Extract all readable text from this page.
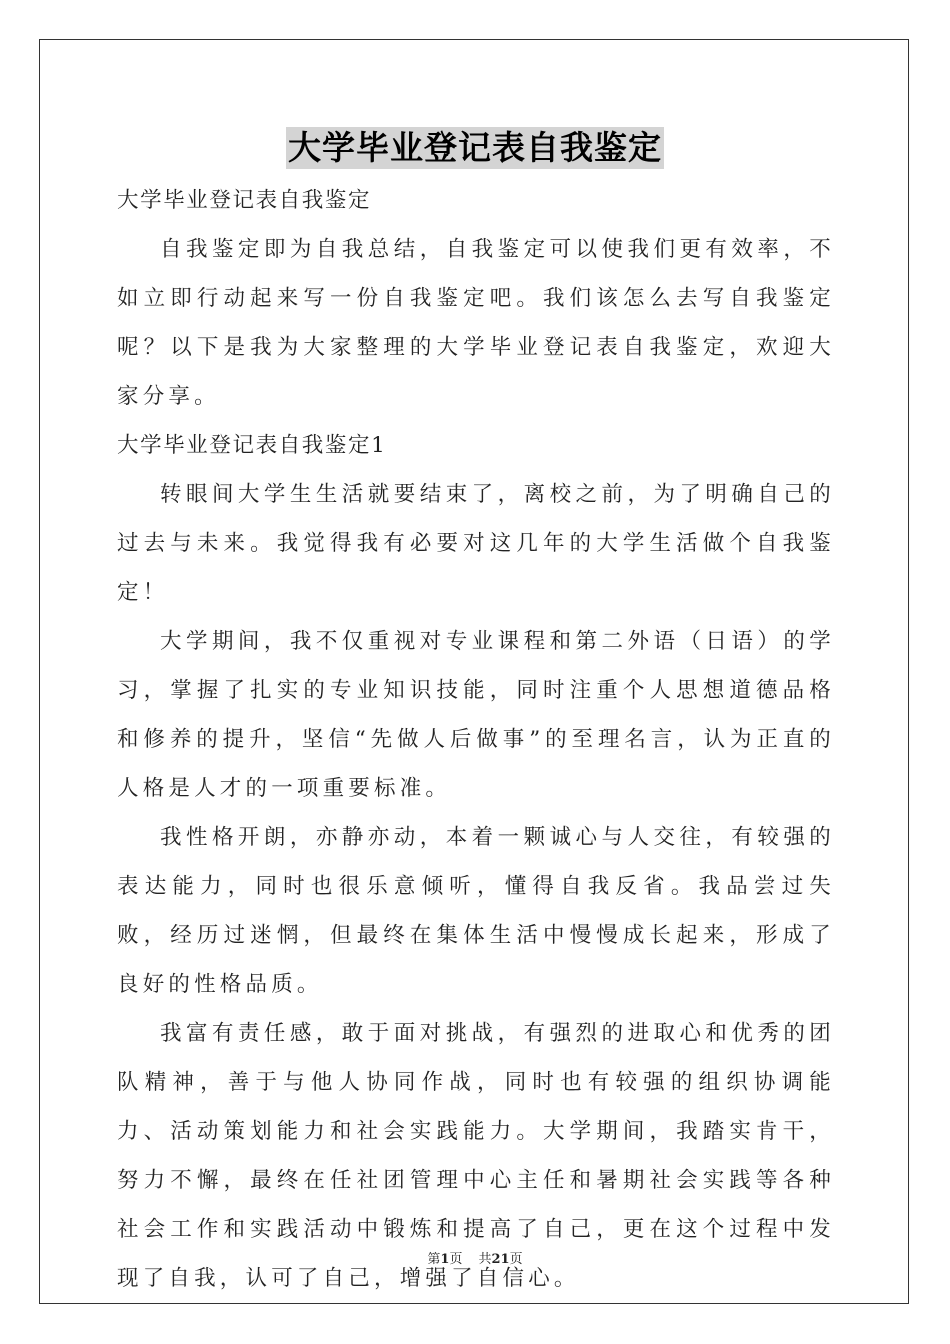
大学毕业登记表自我鉴定

大学毕业登记表自我鉴定

自我鉴定即为自我总结，自我鉴定可以使我们更有效率，不如立即行动起来写一份自我鉴定吧。我们该怎么去写自我鉴定呢？以下是我为大家整理的大学毕业登记表自我鉴定，欢迎大家分享。

大学毕业登记表自我鉴定1

转眼间大学生生活就要结束了，离校之前，为了明确自己的过去与未来。我觉得我有必要对这几年的大学生活做个自我鉴定！

大学期间，我不仅重视对专业课程和第二外语（日语）的学习，掌握了扎实的专业知识技能，同时注重个人思想道德品格和修养的提升，坚信“先做人后做事”的至理名言，认为正直的人格是人才的一项重要标准。

我性格开朗，亦静亦动，本着一颗诚心与人交往，有较强的表达能力，同时也很乐意倾听，懂得自我反省。我品尝过失败，经历过迷惘，但最终在集体生活中慢慢成长起来，形成了良好的性格品质。

我富有责任感，敢于面对挑战，有强烈的进取心和优秀的团队精神，善于与他人协同作战，同时也有较强的组织协调能力、活动策划能力和社会实践能力。大学期间，我踏实肯干，努力不懈，最终在任社团管理中心主任和暑期社会实践等各种社会工作和实践活动中锻炼和提高了自己，更在这个过程中发现了自我，认可了自己，增强了自信心。

第1页 共21页
